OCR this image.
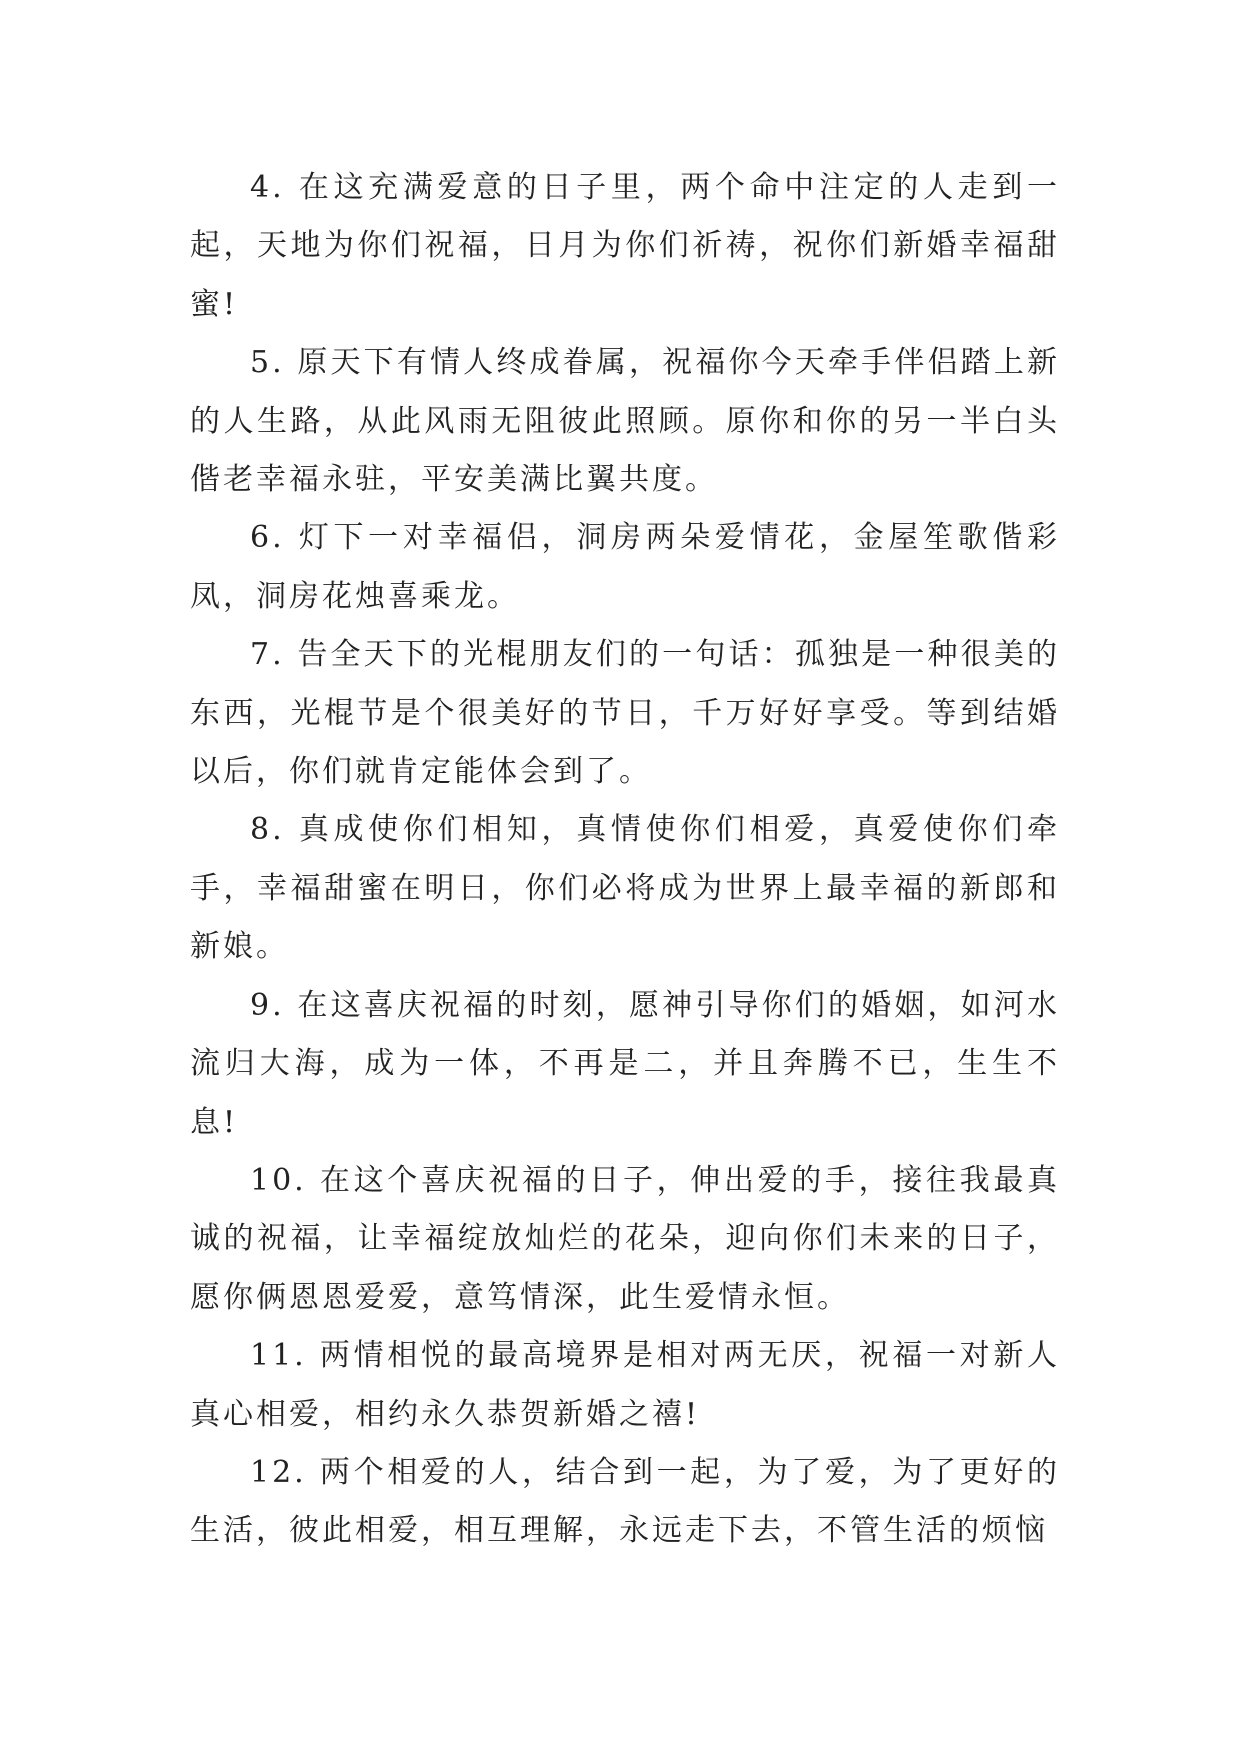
4. 在这充满爱意的日子里，两个命中注定的人走到一起，天地为你们祝福，日月为你们祈祷，祝你们新婚幸福甜蜜!

5. 原天下有情人终成眷属，祝福你今天牵手伴侣踏上新的人生路，从此风雨无阻彼此照顾。原你和你的另一半白头偕老幸福永驻，平安美满比翼共度。

6. 灯下一对幸福侣，洞房两朵爱情花，金屋笙歌偕彩凤，洞房花烛喜乘龙。

7. 告全天下的光棍朋友们的一句话：孤独是一种很美的东西，光棍节是个很美好的节日，千万好好享受。等到结婚以后，你们就肯定能体会到了。

8. 真成使你们相知，真情使你们相爱，真爱使你们牵手，幸福甜蜜在明日，你们必将成为世界上最幸福的新郎和新娘。

9. 在这喜庆祝福的时刻，愿神引导你们的婚姻，如河水流归大海，成为一体，不再是二，并且奔腾不已，生生不息!

10. 在这个喜庆祝福的日子，伸出爱的手，接往我最真诚的祝福，让幸福绽放灿烂的花朵，迎向你们未来的日子，愿你俩恩恩爱爱，意笃情深，此生爱情永恒。

11. 两情相悦的最高境界是相对两无厌，祝福一对新人真心相爱，相约永久恭贺新婚之禧!

12. 两个相爱的人，结合到一起，为了爱，为了更好的生活，彼此相爱，相互理解，永远走下去，不管生活的烦恼
